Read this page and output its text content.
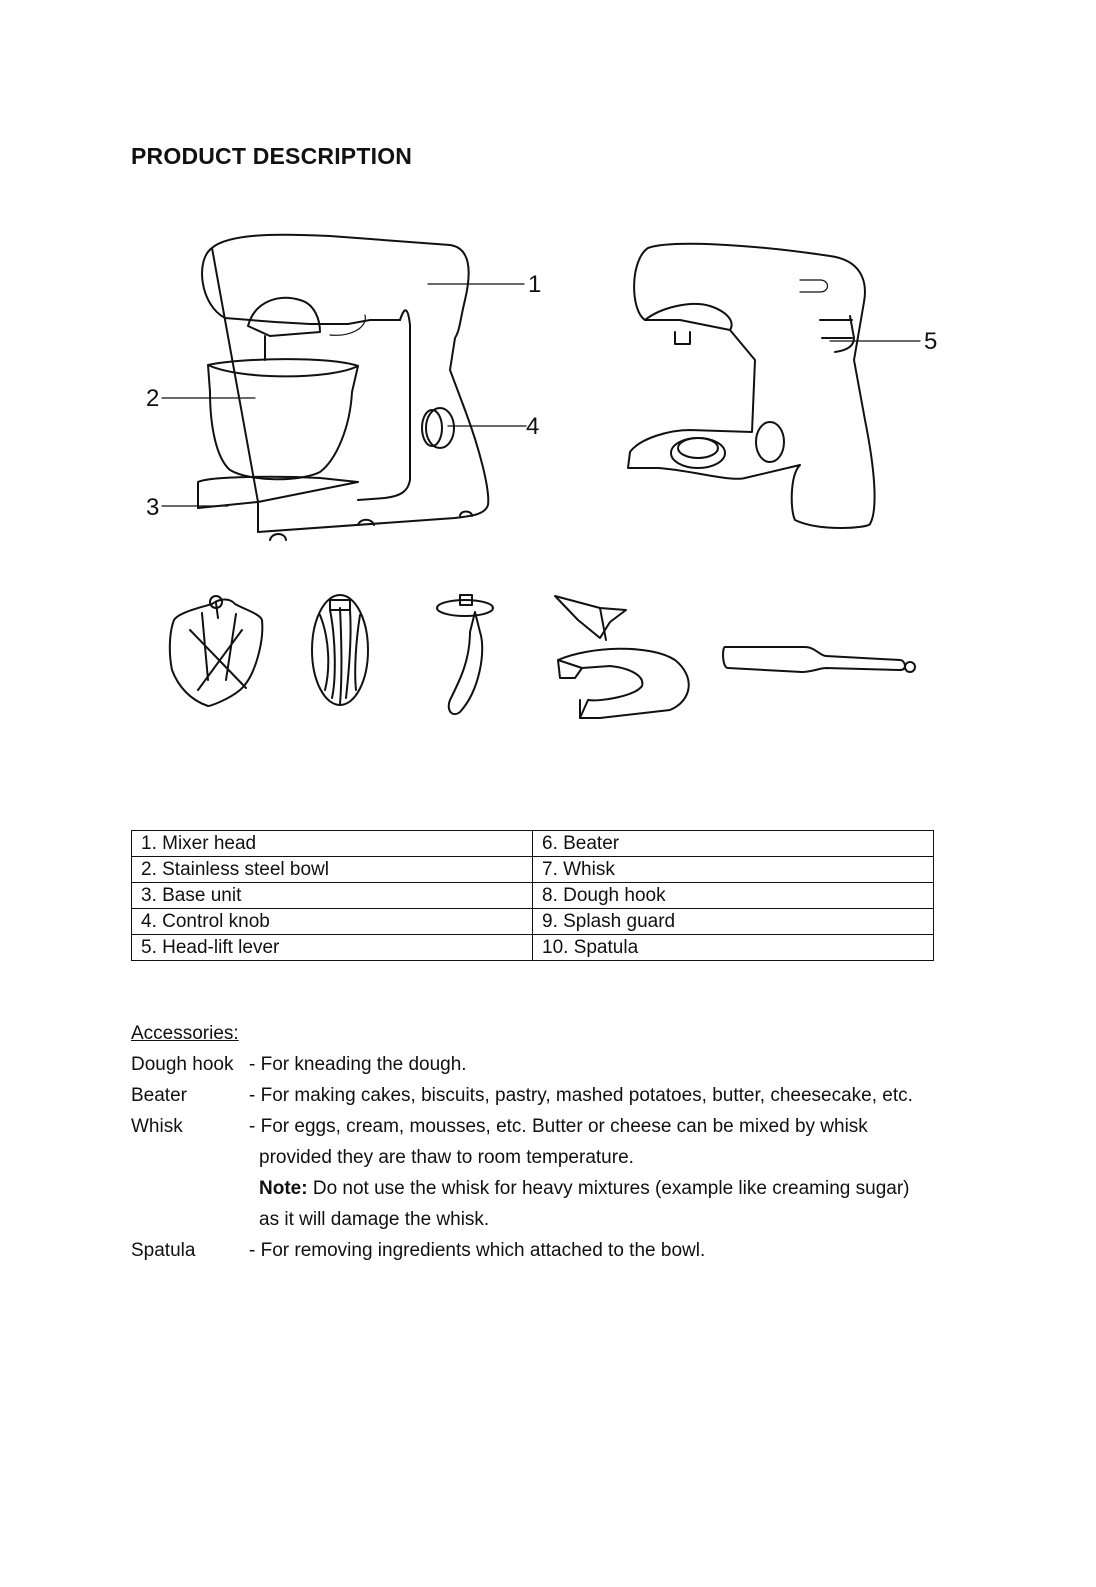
PRODUCT DESCRIPTION
1
2
3
4
5
1. Mixer head	6. Beater
2. Stainless steel bowl	7. Whisk
3. Base unit	8. Dough hook
4. Control knob	9. Splash guard
5. Head-lift lever	10. Spatula
Accessories:
Dough hook - For kneading the dough.
Beater	- For making cakes, biscuits, pastry, mashed potatoes, butter, cheesecake, etc.
Whisk	- For eggs, cream, mousses, etc. Butter or cheese can be mixed by whisk
provided they are thaw to room temperature.
Note: Do not use the whisk for heavy mixtures (example like creaming sugar)
as it will damage the whisk.
Spatula	- For removing ingredients which attached to the bowl.
